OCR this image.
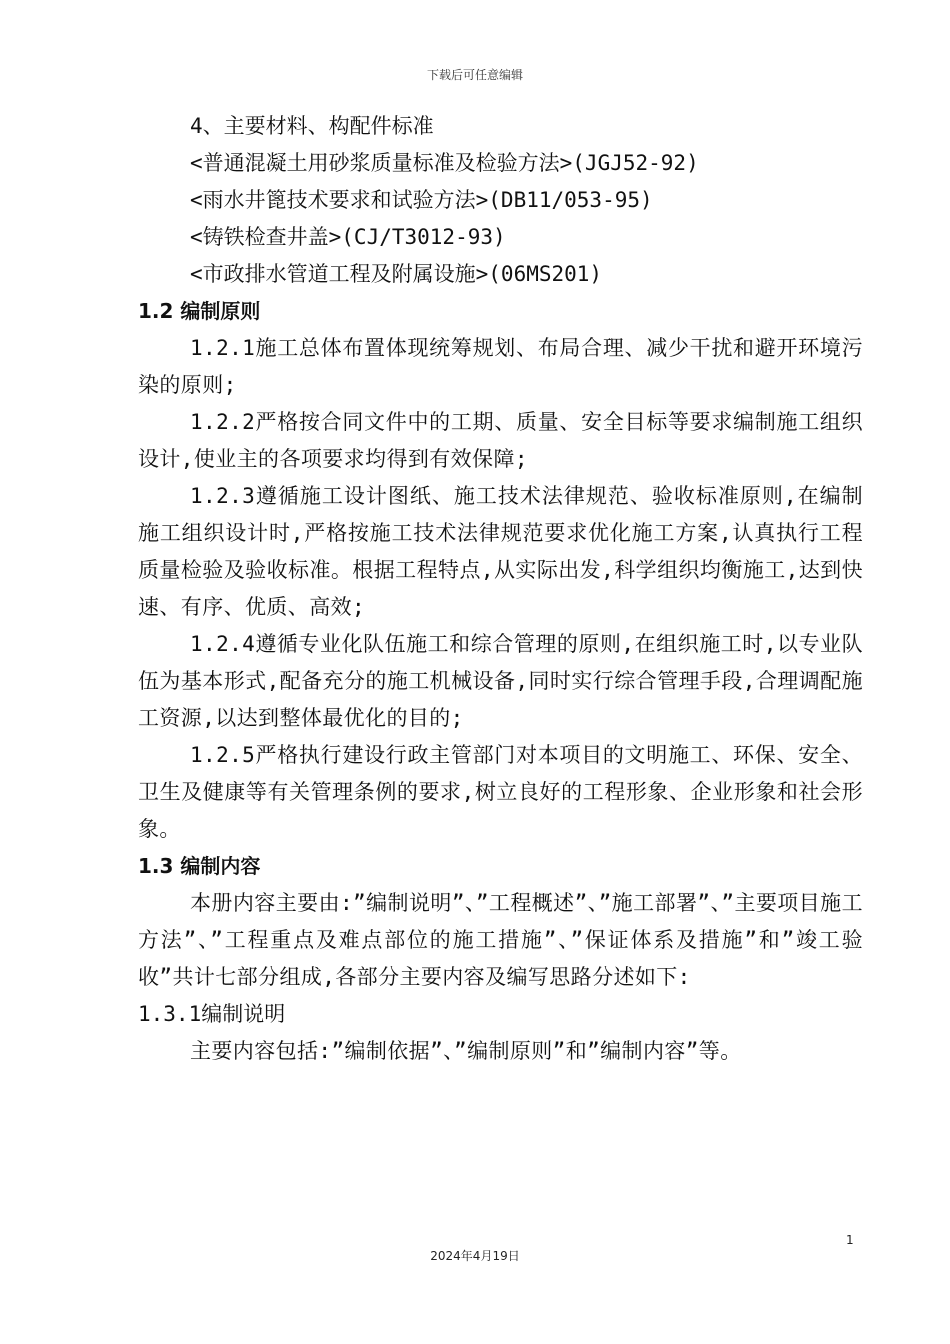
下载后可任意编辑
4、主要材料、构配件标准
<普通混凝土用砂浆质量标准及检验方法>(JGJ52-92)
<雨水井篦技术要求和试验方法>(DB11/053-95)
<铸铁检查井盖>(CJ/T3012-93)
<市政排水管道工程及附属设施>(06MS201)
1.2 编制原则
1.2.1施工总体布置体现统筹规划、布局合理、减少干扰和避开环境污染的原则;
1.2.2严格按合同文件中的工期、质量、安全目标等要求编制施工组织设计,使业主的各项要求均得到有效保障;
1.2.3遵循施工设计图纸、施工技术法律规范、验收标准原则,在编制施工组织设计时,严格按施工技术法律规范要求优化施工方案,认真执行工程质量检验及验收标准。根据工程特点,从实际出发,科学组织均衡施工,达到快速、有序、优质、高效;
1.2.4遵循专业化队伍施工和综合管理的原则,在组织施工时,以专业队伍为基本形式,配备充分的施工机械设备,同时实行综合管理手段,合理调配施工资源,以达到整体最优化的目的;
1.2.5严格执行建设行政主管部门对本项目的文明施工、环保、安全、卫生及健康等有关管理条例的要求,树立良好的工程形象、企业形象和社会形象。
1.3 编制内容
本册内容主要由:”编制说明”、”工程概述”、”施工部署”、”主要项目施工方法”、”工程重点及难点部位的施工措施”、”保证体系及措施”和”竣工验收”共计七部分组成,各部分主要内容及编写思路分述如下:
1.3.1编制说明
主要内容包括:”编制依据”、”编制原则”和”编制内容”等。
1
2024年4月19日
